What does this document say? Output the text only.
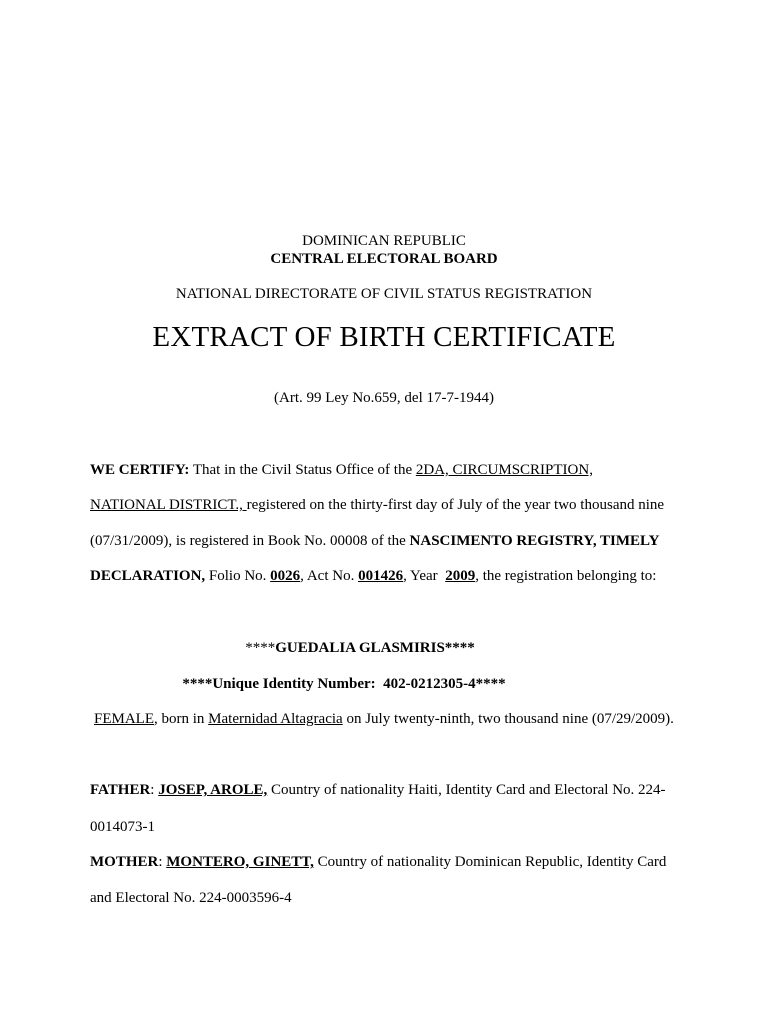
DOMINICAN REPUBLIC
CENTRAL ELECTORAL BOARD
NATIONAL DIRECTORATE OF CIVIL STATUS REGISTRATION
EXTRACT OF BIRTH CERTIFICATE
(Art. 99 Ley No.659, del 17-7-1944)
WE CERTIFY: That in the Civil Status Office of the 2DA, CIRCUMSCRIPTION,
NATIONAL DISTRICT., registered on the thirty-first day of July of the year two thousand nine
(07/31/2009), is registered in Book No. 00008 of the NASCIMENTO REGISTRY, TIMELY
DECLARATION, Folio No. 0026, Act No. 001426, Year  2009, the registration belonging to:
****GUEDALIA GLASMIRIS****
****Unique Identity Number:  402-0212305-4****
FEMALE, born in Maternidad Altagracia on July twenty-ninth, two thousand nine (07/29/2009).
FATHER: JOSEP, AROLE, Country of nationality Haiti, Identity Card and Electoral No. 224-
0014073-1
MOTHER: MONTERO, GINETT, Country of nationality Dominican Republic, Identity Card
and Electoral No. 224-0003596-4
